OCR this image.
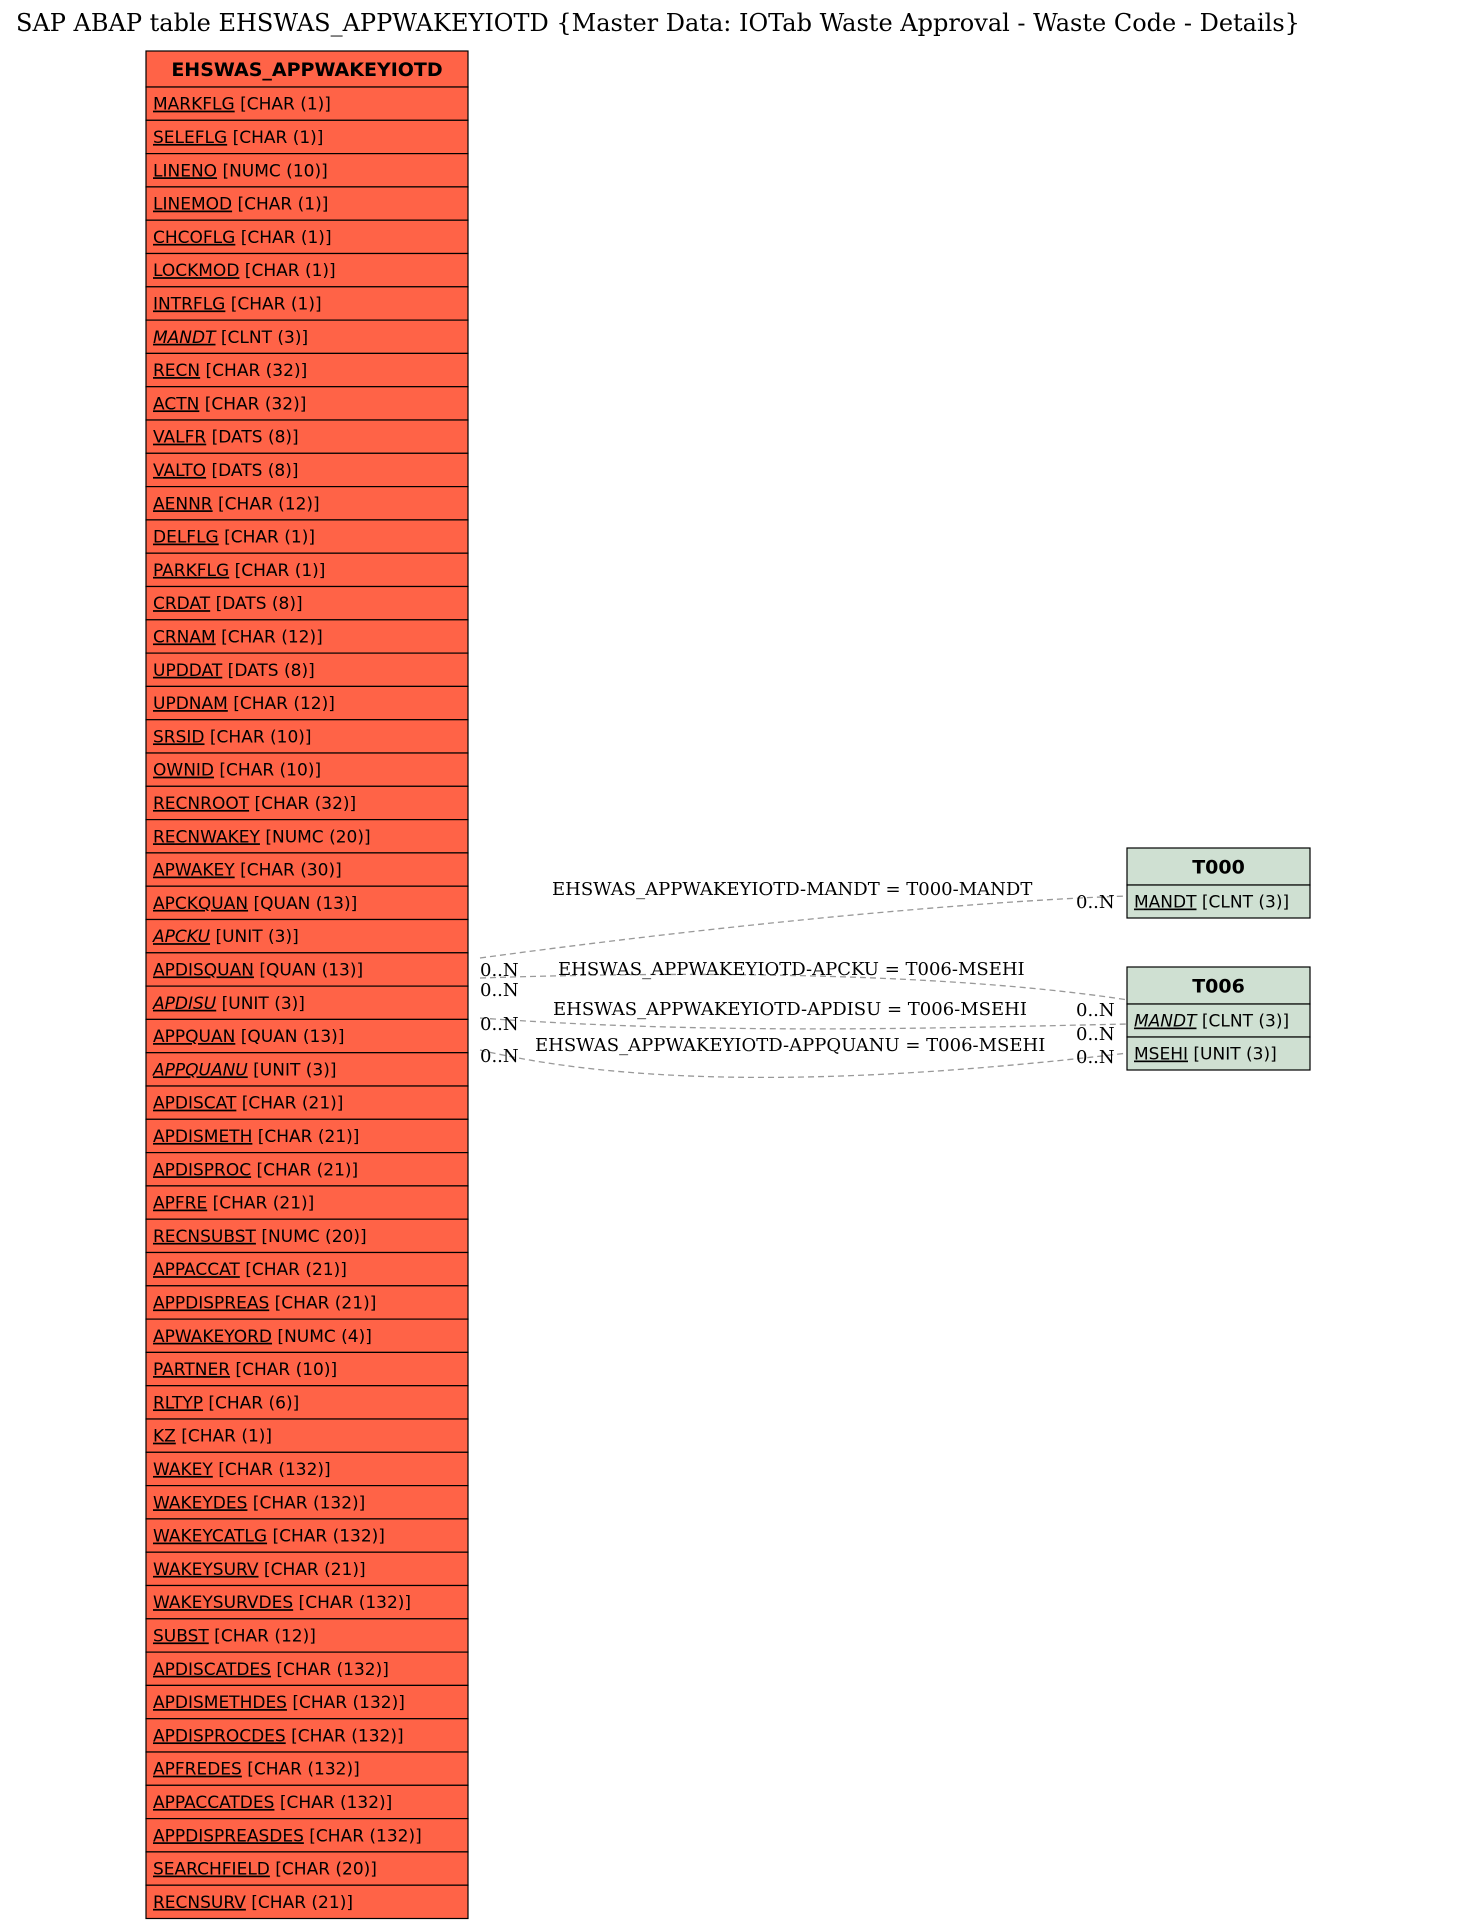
SAP ABAP table EHSWAS_APPWAKEYIOTD {Master Data: IOTab Waste Approval - Waste Code - Details}
EHSWAS_APPWAKEYIOTD-MANDT = T000-MANDT
EHSWAS_APPWAKEYIOTD-APCKU = T006-MSEHI
EHSWAS_APPWAKEYIOTD-APDISU = T006-MSEHI
EHSWAS_APPWAKEYIOTD-APPQUANU = T006-MSEHI
0..N
0..N
0..N
0..N
0..N	0..N
0..N	0..N
EHSWAS_APPWAKEYIOTD
MARKFLG [CHAR (1)]
SELEFLG [CHAR (1)]
LINENO [NUMC (10)]
LINEMOD [CHAR (1)]
CHCOFLG [CHAR (1)]
LOCKMOD [CHAR (1)]
INTRFLG [CHAR (1)]
MANDT [CLNT (3)]
RECN [CHAR (32)]
ACTN [CHAR (32)]
VALFR [DATS (8)]
VALTO [DATS (8)]
AENNR [CHAR (12)]
DELFLG [CHAR (1)]
PARKFLG [CHAR (1)]
CRDAT [DATS (8)]
CRNAM [CHAR (12)]
UPDDAT [DATS (8)]
UPDNAM [CHAR (12)]
SRSID [CHAR (10)]
OWNID [CHAR (10)]
RECNROOT [CHAR (32)]
RECNWAKEY [NUMC (20)]
APWAKEY [CHAR (30)]
APCKQUAN [QUAN (13)]
APCKU [UNIT (3)]
APDISQUAN [QUAN (13)]
APDISU [UNIT (3)]
APPQUAN [QUAN (13)]
APPQUANU [UNIT (3)]
APDISCAT [CHAR (21)]
APDISMETH [CHAR (21)]
APDISPROC [CHAR (21)]
APFRE [CHAR (21)]
RECNSUBST [NUMC (20)]
APPACCAT [CHAR (21)]
APPDISPREAS [CHAR (21)]
APWAKEYORD [NUMC (4)]
PARTNER [CHAR (10)]
RLTYP [CHAR (6)]
KZ [CHAR (1)]
WAKEY [CHAR (132)]
WAKEYDES [CHAR (132)]
WAKEYCATLG [CHAR (132)]
WAKEYSURV [CHAR (21)]
WAKEYSURVDES [CHAR (132)]
SUBST [CHAR (12)]
APDISCATDES [CHAR (132)]
APDISMETHDES [CHAR (132)]
APDISPROCDES [CHAR (132)]
APFREDES [CHAR (132)]
APPACCATDES [CHAR (132)]
APPDISPREASDES [CHAR (132)]
SEARCHFIELD [CHAR (20)]
RECNSURV [CHAR (21)]
T000
MANDT [CLNT (3)]
T006
MANDT [CLNT (3)]
MSEHI [UNIT (3)]
